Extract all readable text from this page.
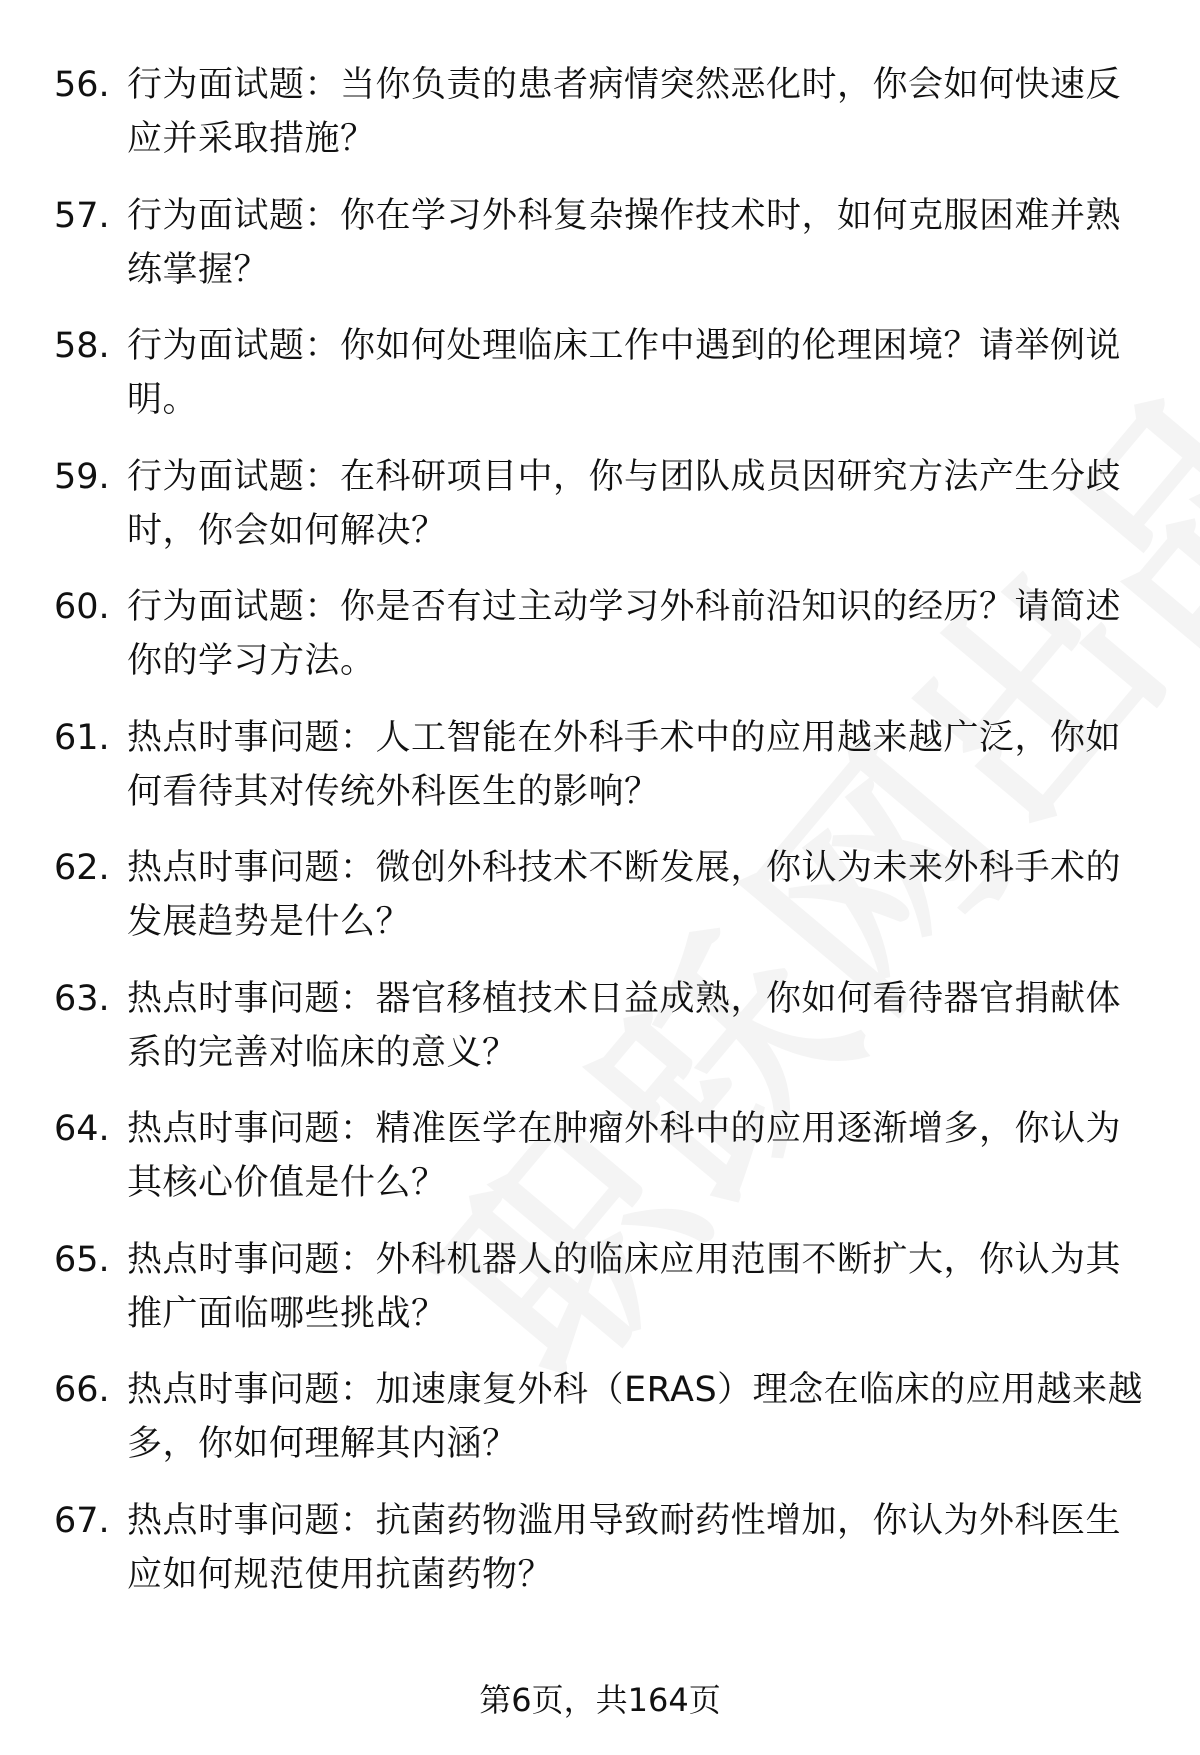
56. 行为面试题：当你负责的患者病情突然恶化时，你会如何快速反应并采取措施？
57. 行为面试题：你在学习外科复杂操作技术时，如何克服困难并熟练掌握？
58. 行为面试题：你如何处理临床工作中遇到的伦理困境？请举例说明。
59. 行为面试题：在科研项目中，你与团队成员因研究方法产生分歧时，你会如何解决？
60. 行为面试题：你是否有过主动学习外科前沿知识的经历？请简述你的学习方法。
61. 热点时事问题：人工智能在外科手术中的应用越来越广泛，你如何看待其对传统外科医生的影响？
62. 热点时事问题：微创外科技术不断发展，你认为未来外科手术的发展趋势是什么？
63. 热点时事问题：器官移植技术日益成熟，你如何看待器官捐献体系的完善对临床的意义？
64. 热点时事问题：精准医学在肿瘤外科中的应用逐渐增多，你认为其核心价值是什么？
65. 热点时事问题：外科机器人的临床应用范围不断扩大，你认为其推广面临哪些挑战？
66. 热点时事问题：加速康复外科（ERAS）理念在临床的应用越来越多，你如何理解其内涵？
67. 热点时事问题：抗菌药物滥用导致耐药性增加，你认为外科医生应如何规范使用抗菌药物？
第6页，共164页
